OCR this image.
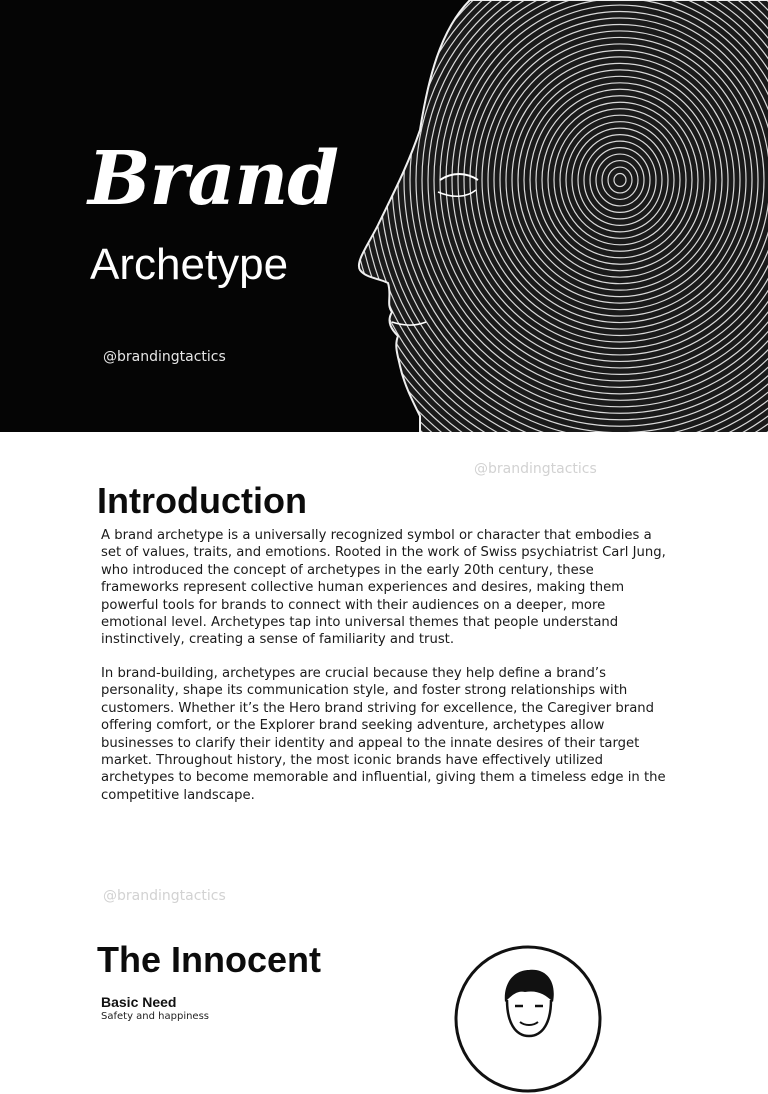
Brand
Archetype
@brandingtactics
@brandingtactics
Introduction

A brand archetype is a universally recognized symbol or character that embodies a set of values, traits, and emotions. Rooted in the work of Swiss psychiatrist Carl Jung, who introduced the concept of archetypes in the early 20th century, these frameworks represent collective human experiences and desires, making them powerful tools for brands to connect with their audiences on a deeper, more emotional level. Archetypes tap into universal themes that people understand instinctively, creating a sense of familiarity and trust.

In brand-building, archetypes are crucial because they help define a brand’s personality, shape its communication style, and foster strong relationships with customers. Whether it’s the Hero brand striving for excellence, the Caregiver brand offering comfort, or the Explorer brand seeking adventure, archetypes allow businesses to clarify their identity and appeal to the innate desires of their target market. Throughout history, the most iconic brands have effectively utilized archetypes to become memorable and influential, giving them a timeless edge in the competitive landscape.

@brandingtactics
The Innocent
Basic Need
Safety and happiness
